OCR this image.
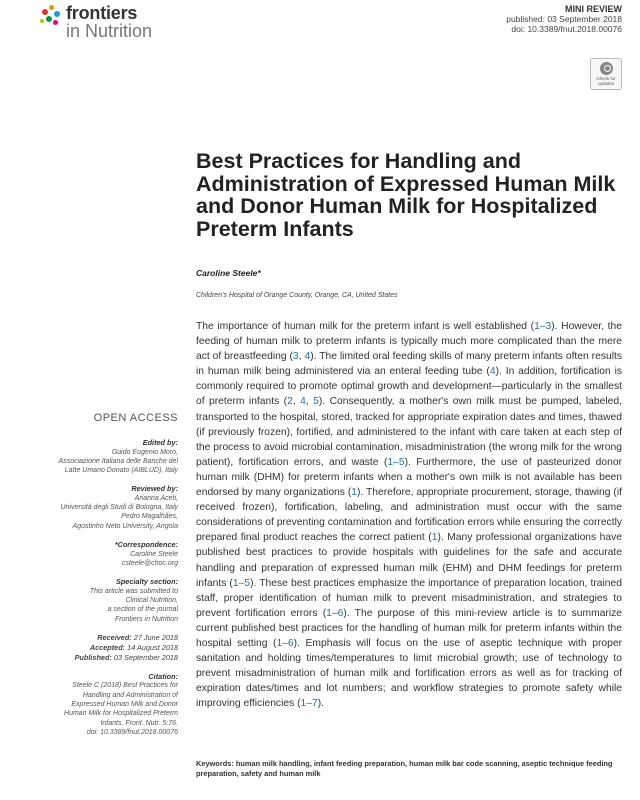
frontiers
in Nutrition
MINI REVIEW
published: 03 September 2018
doi: 10.3389/fnut.2018.00076
Check for
updates
Best Practices for Handling and Administration of Expressed Human Milk and Donor Human Milk for Hospitalized Preterm Infants
Caroline Steele*
Children's Hospital of Orange County, Orange, CA, United States

The importance of human milk for the preterm infant is well established (1–3). However, the feeding of human milk to preterm infants is typically much more complicated than the mere act of breastfeeding (3, 4). The limited oral feeding skills of many preterm infants often results in human milk being administered via an enteral feeding tube (4). In addition, fortification is commonly required to promote optimal growth and development—particularly in the smallest of preterm infants (2, 4, 5). Consequently, a mother's own milk must be pumped, labeled, transported to the hospital, stored, tracked for appropriate expiration dates and times, thawed (if previously frozen), fortified, and administered to the infant with care taken at each step of the process to avoid microbial contamination, misadministration (the wrong milk for the wrong patient), fortification errors, and waste (1–5). Furthermore, the use of pasteurized donor human milk (DHM) for preterm infants when a mother's own milk is not available has been endorsed by many organizations (1). Therefore, appropriate procurement, storage, thawing (if received frozen), fortification, labeling, and administration must occur with the same considerations of preventing contamination and fortification errors while ensuring the correctly prepared final product reaches the correct patient (1). Many professional organizations have published best practices to provide hospitals with guidelines for the safe and accurate handling and preparation of expressed human milk (EHM) and DHM feedings for preterm infants (1–5). These best practices emphasize the importance of preparation location, trained staff, proper identification of human milk to prevent misadministration, and strategies to prevent fortification errors (1–6). The purpose of this mini-review article is to summarize current published best practices for the handling of human milk for preterm infants within the hospital setting (1–6). Emphasis will focus on the use of aseptic technique with proper sanitation and holding times/temperatures to limit microbial growth; use of technology to prevent misadministration of human milk and fortification errors as well as for tracking of expiration dates/times and lot numbers; and workflow strategies to promote safety while improving efficiencies (1–7).

Keywords: human milk handling, infant feeding preparation, human milk bar code scanning, aseptic technique feeding preparation, safety and human milk
OPEN ACCESS
Edited by:
Guido Eugenio Moro,
Associazione Italiana delle Banche del
Latte Umano Donato (AIBLUD), Italy
Reviewed by:
Arianna Aceti,
Università degli Studi di Bologna, Italy
Pedro Magalhães,
Agostinho Neto University, Angola
*Correspondence:
Caroline Steele
csteele@choc.org
Specialty section:
This article was submitted to
Clinical Nutrition,
a section of the journal
Frontiers in Nutrition
Received: 27 June 2018
Accepted: 14 August 2018
Published: 03 September 2018
Citation:
Steele C (2018) Best Practices for
Handling and Administration of
Expressed Human Milk and Donor
Human Milk for Hospitalized Preterm
Infants. Front. Nutr. 5:76.
doi: 10.3389/fnut.2018.00076
